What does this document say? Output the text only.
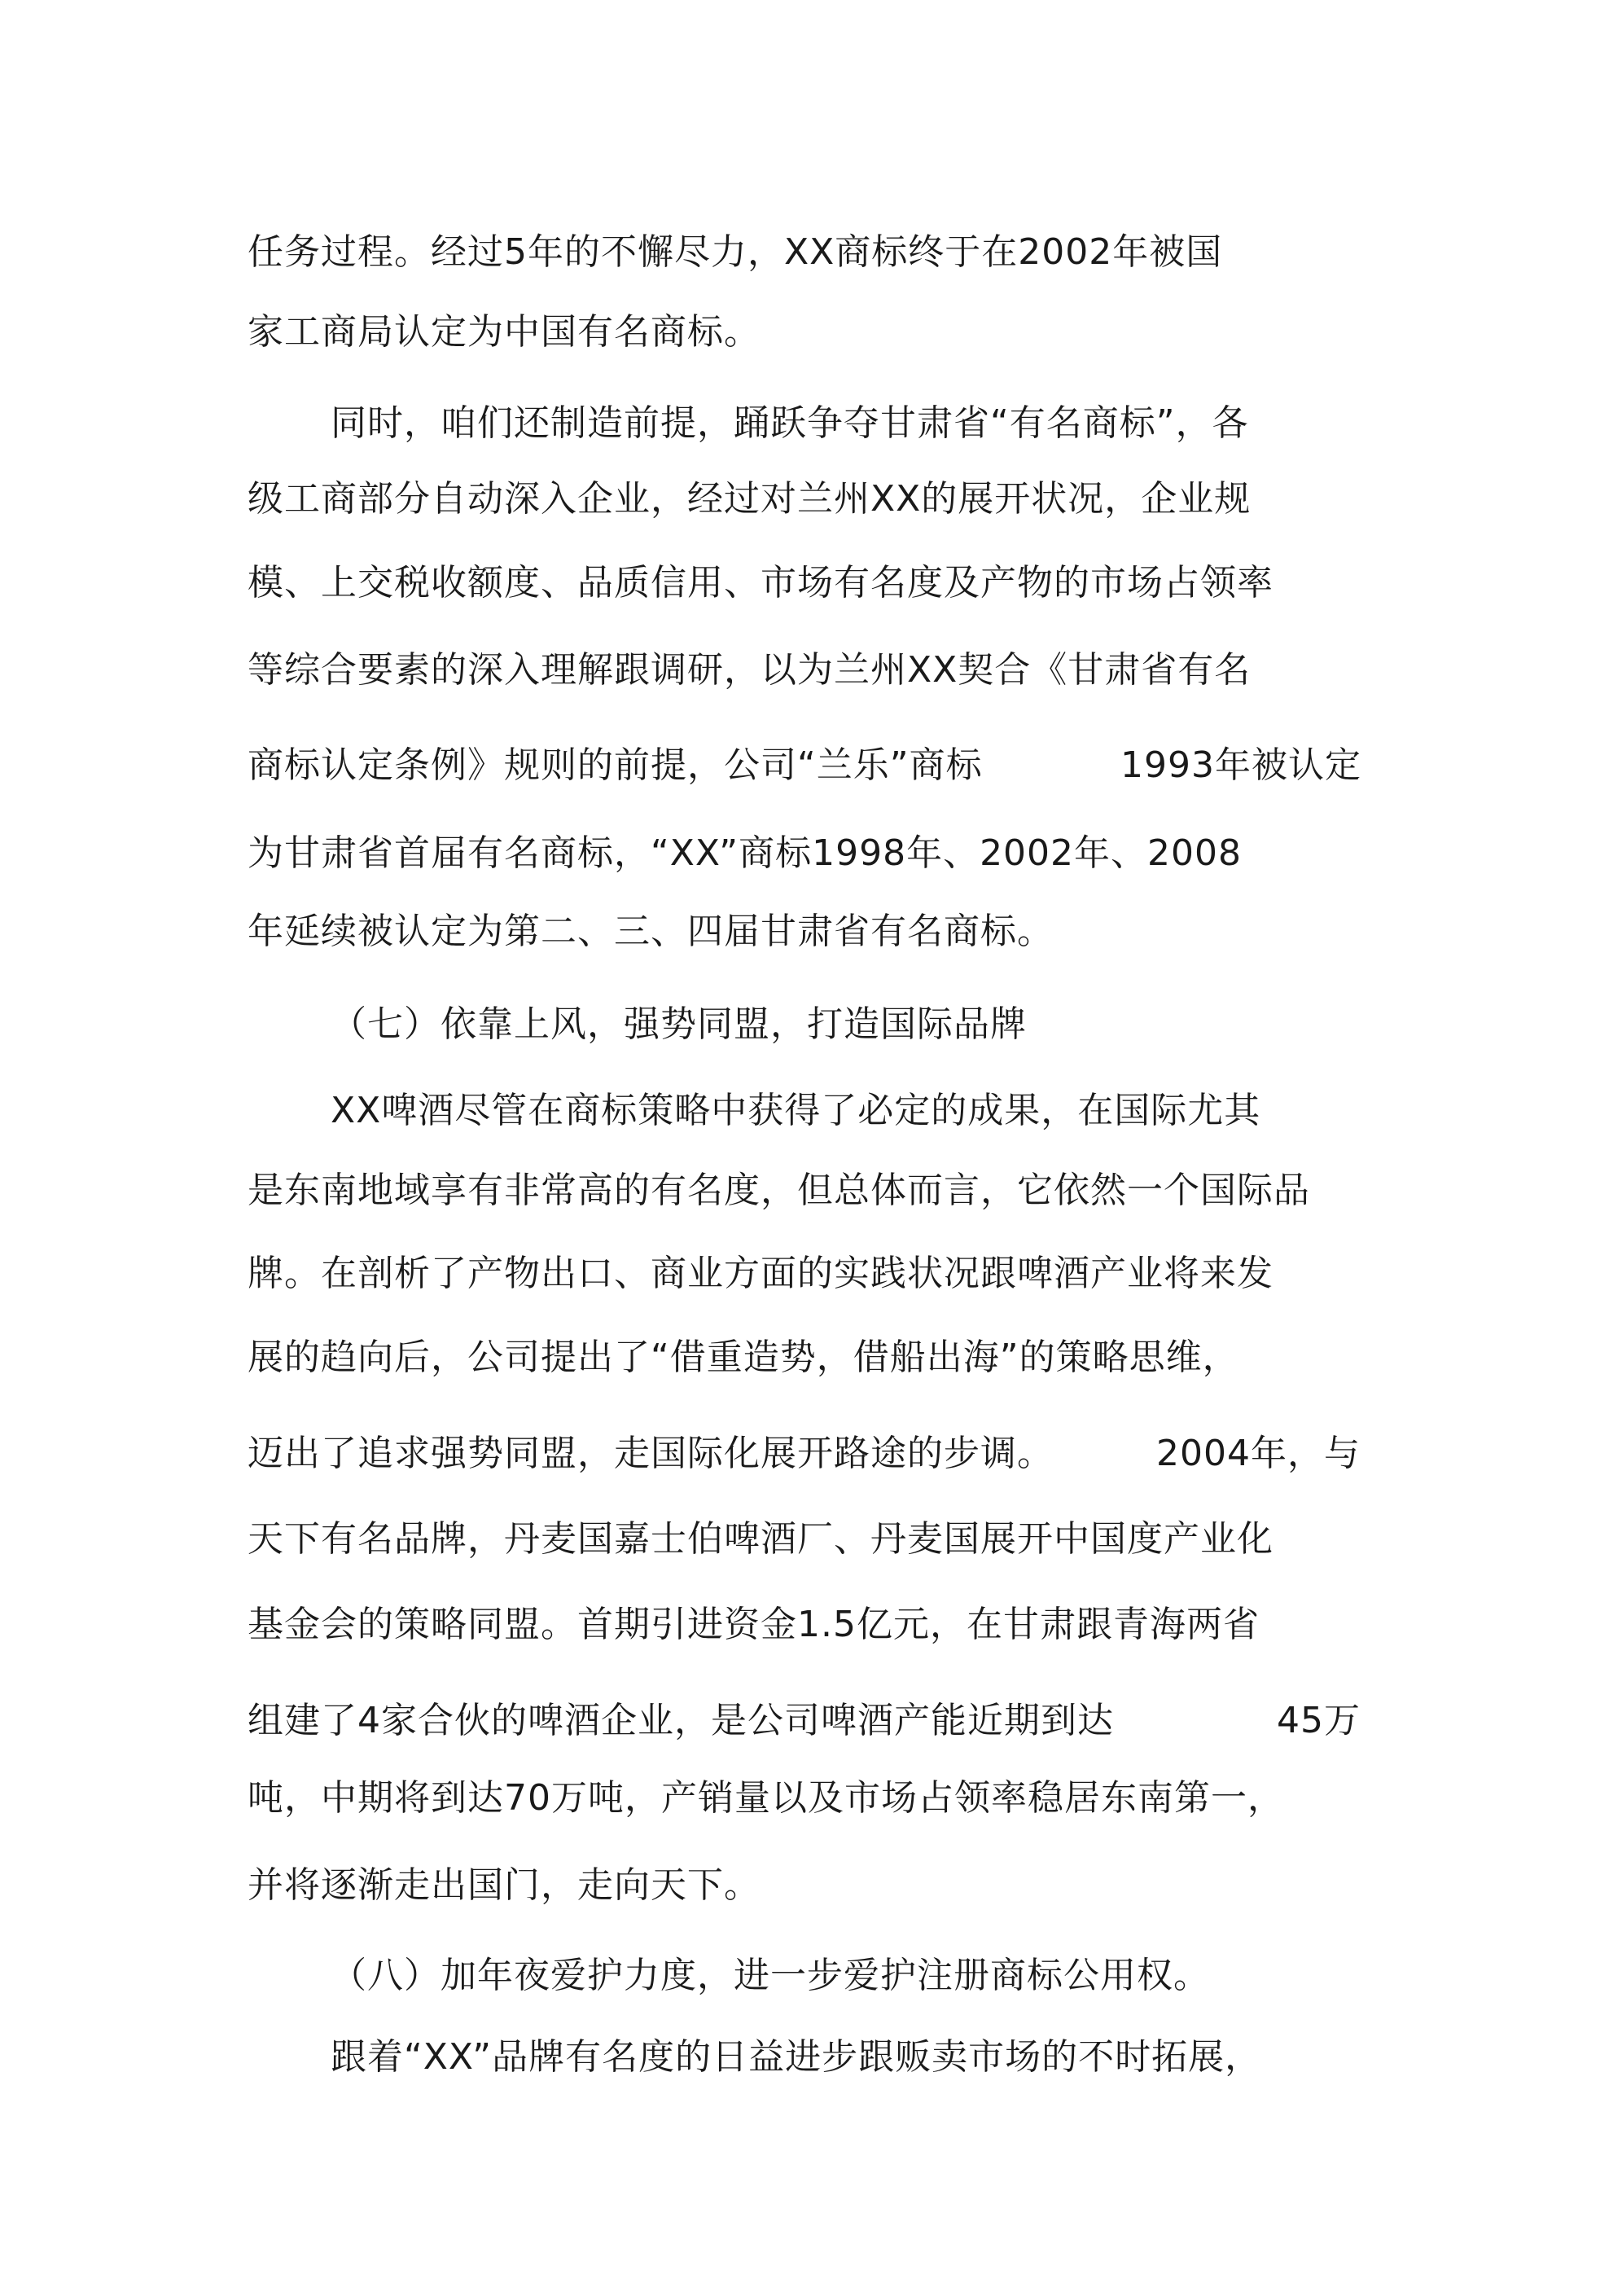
任务过程。经过5年的不懈尽力，XX商标终于在2002年被国
家工商局认定为中国有名商标。
同时，咱们还制造前提，踊跃争夺甘肃省“有名商标”，各
级工商部分自动深入企业，经过对兰州XX的展开状况，企业规
模、上交税收额度、品质信用、市场有名度及产物的市场占领率
等综合要素的深入理解跟调研，以为兰州XX契合《甘肃省有名
商标认定条例》规则的前提，公司“兰乐”商标	1993年被认定
为甘肃省首届有名商标，“XX”商标1998年、2002年、2008
年延续被认定为第二、三、四届甘肃省有名商标。
（七）依靠上风，强势同盟，打造国际品牌
XX啤酒尽管在商标策略中获得了必定的成果，在国际尤其
是东南地域享有非常高的有名度，但总体而言，它依然一个国际品
牌。在剖析了产物出口、商业方面的实践状况跟啤酒产业将来发
展的趋向后，公司提出了“借重造势，借船出海”的策略思维，
迈出了追求强势同盟，走国际化展开路途的步调。	2004年，与
天下有名品牌，丹麦国嘉士伯啤酒厂、丹麦国展开中国度产业化
基金会的策略同盟。首期引进资金1.5亿元，在甘肃跟青海两省
组建了4家合伙的啤酒企业，是公司啤酒产能近期到达	45万
吨，中期将到达70万吨，产销量以及市场占领率稳居东南第一，
并将逐渐走出国门，走向天下。
（八）加年夜爱护力度，进一步爱护注册商标公用权。
跟着“XX”品牌有名度的日益进步跟贩卖市场的不时拓展，
